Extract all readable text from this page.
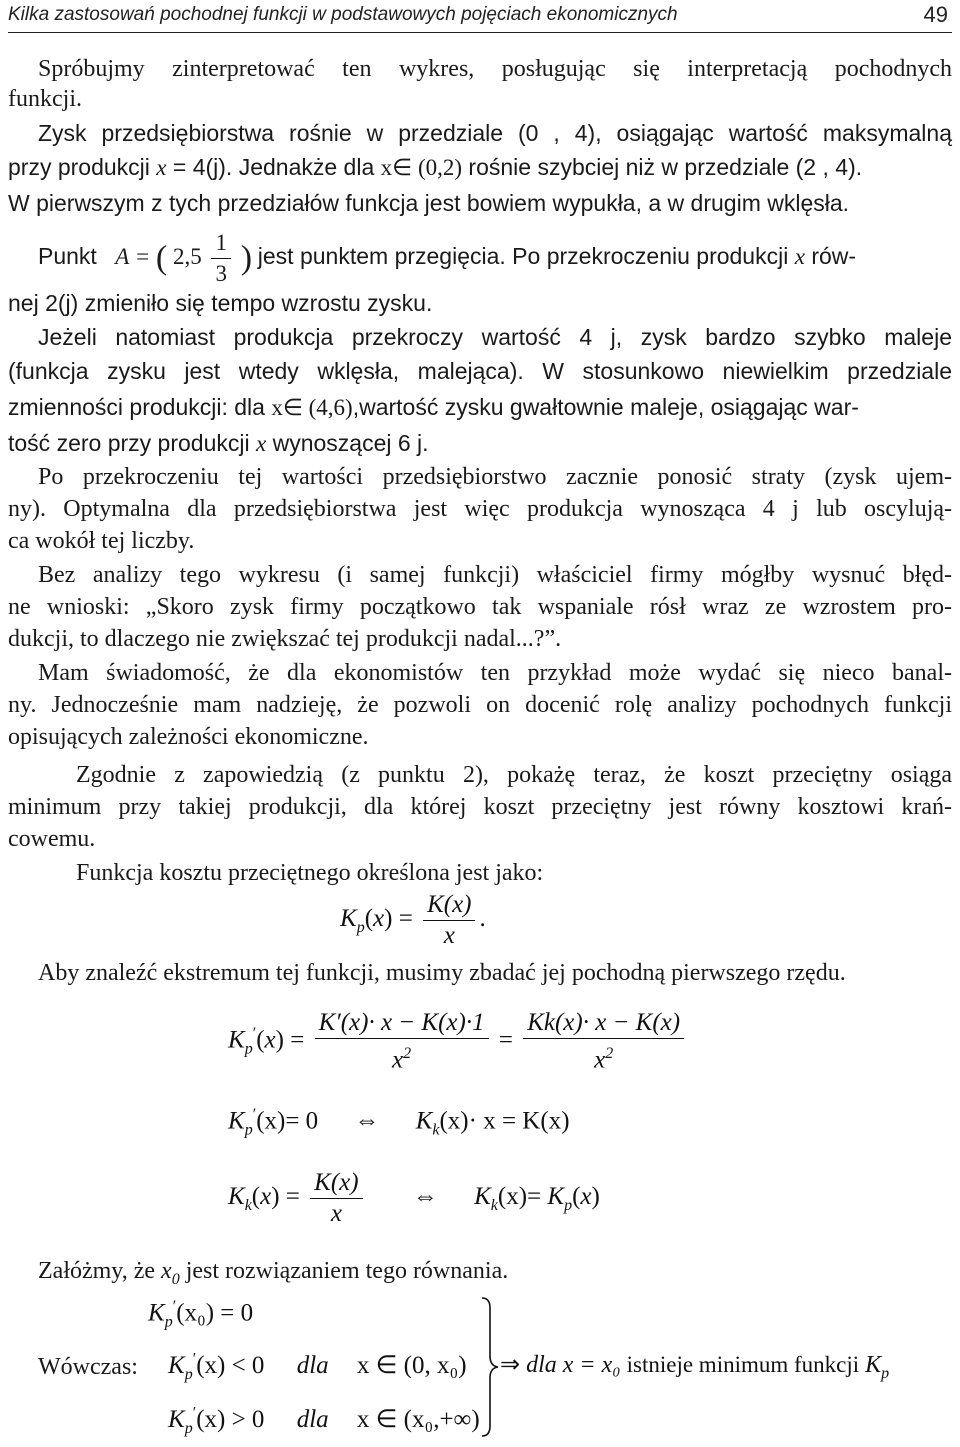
Kilka zastosowań pochodnej funkcji w podstawowych pojęciach ekonomicznych	49
Spróbujmy zinterpretować ten wykres, posługując się interpretacją pochodnych
funkcji.
Zysk przedsiębiorstwa rośnie w przedziale (0 , 4), osiągając wartość maksymalną
przy produkcji x = 4(j). Jednakże dla x∈ (0,2) rośnie szybciej niż w przedziale (2 , 4).
W pierwszym z tych przedziałów funkcja jest bowiem wypukła, a w drugim wklęsła.
Punkt A = ( $2,5 \frac{1}{3}$ ) jest punktem przegięcia. Po przekroczeniu produkcji x rów-
nej 2(j) zmieniło się tempo wzrostu zysku.
Jeżeli natomiast produkcja przekroczy wartość 4 j, zysk bardzo szybko maleje
(funkcja zysku jest wtedy wklęsła, malejąca). W stosunkowo niewielkim przedziale
zmienności produkcji: dla x∈ (4,6),wartość zysku gwałtownie maleje, osiągając war-
tość zero przy produkcji x wynoszącej 6 j.
Po przekroczeniu tej wartości przedsiębiorstwo zacznie ponosić straty (zysk ujem-
ny). Optymalna dla przedsiębiorstwa jest więc produkcja wynosząca 4 j lub oscylują-
ca wokół tej liczby.
Bez analizy tego wykresu (i samej funkcji) właściciel firmy mógłby wysnuć błęd-
ne wnioski: „Skoro zysk firmy początkowo tak wspaniale rósł wraz ze wzrostem pro-
dukcji, to dlaczego nie zwiększać tej produkcji nadal...?”.
Mam świadomość, że dla ekonomistów ten przykład może wydać się nieco banal-
ny. Jednocześnie mam nadzieję, że pozwoli on docenić rolę analizy pochodnych funkcji
opisujących zależności ekonomiczne.
Zgodnie z zapowiedzią (z punktu 2), pokażę teraz, że koszt przeciętny osiąga
minimum przy takiej produkcji, dla której koszt przeciętny jest równy kosztowi krań-
cowemu.
Funkcja kosztu przeciętnego określona jest jako:
$K_p(x) = \frac{K(x)}{x}$ .
Aby znaleźć ekstremum tej funkcji, musimy zbadać jej pochodną pierwszego rzędu.
$K_p'(x) = \frac{K'(x)\cdot x - K(x)\cdot 1}{x^2} = \frac{Kk(x)\cdot x - K(x)}{x^2}$
$K_p'(x)= 0$ ⇔ $K_k(x)\cdot x = K(x)$
$K_k(x) = \frac{K(x)}{x}$ ⇔ $K_k(x)= K_p(x)$
Załóżmy, że $x_0$ jest rozwiązaniem tego równania.
$K_p'(x_0) = 0$
Wówczas:	$K_p'(x) < 0$ dla x ∈ (0, x₀)
$K_p'(x) > 0$ dla x ∈ (x₀,+∞)
⇒ dla x = x₀ istnieje minimum funkcji $K_p$
